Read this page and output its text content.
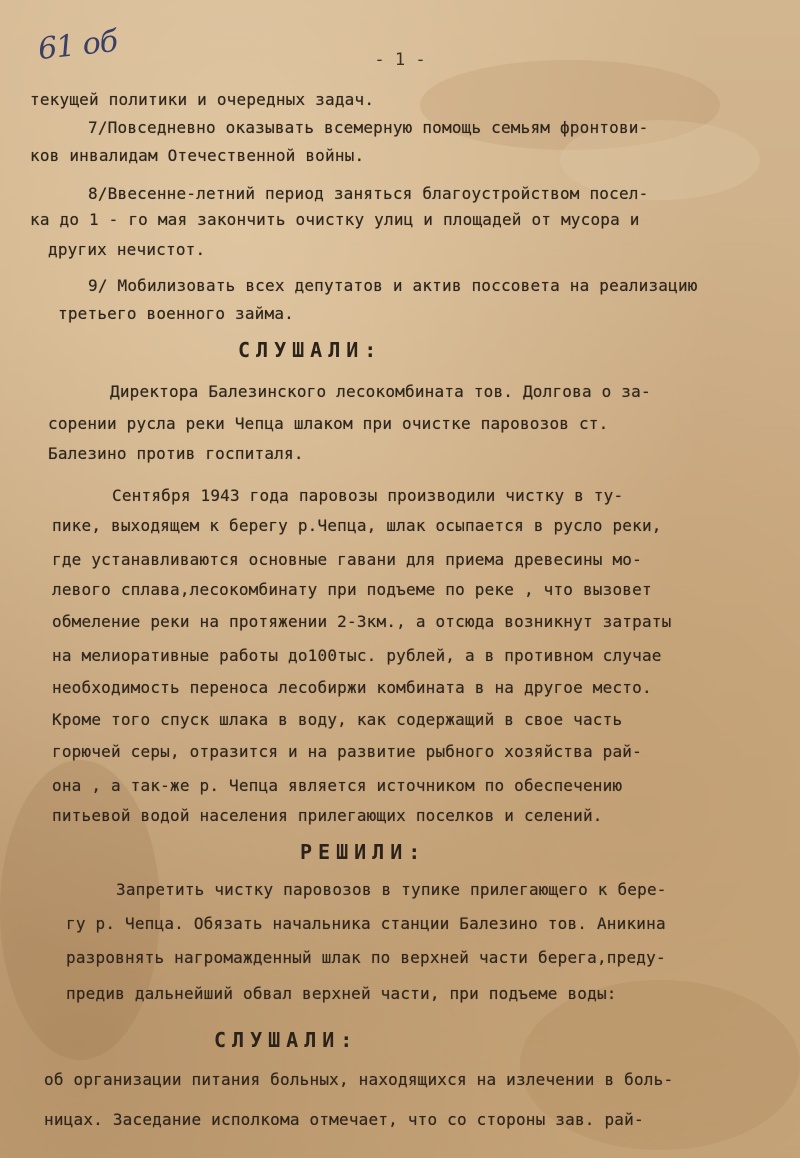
61 об	- 1 -
текущей политики и очередных задач.
7/Повседневно оказывать всемерную помощь семьям фронтови-
ков инвалидам Отечественной войны.
8/Ввесенне-летний период заняться благоустройством посел-
ка до 1 - го мая закончить очистку улиц и площадей от мусора и
других нечистот.
9/ Мобилизовать всех депутатов и актив поссовета на реализацию
третьего военного займа.
СЛУШАЛИ:
Директора Балезинского лесокомбината тов. Долгова о за-
сорении русла реки Чепца шлаком при очистке паровозов ст.
Балезино против госпиталя.
Сентября 1943 года паровозы производили чистку в ту-
пике, выходящем к берегу р.Чепца, шлак осыпается в русло реки,
где устанавливаются основные гавани для приема древесины мо-
левого сплава,лесокомбинату при подъеме по реке , что вызовет
обмеление реки на протяжении 2-3км., а отсюда возникнут затраты
на мелиоративные работы до100тыс. рублей, а в противном случае
необходимость переноса лесобиржи комбината в на другое место.
Кроме того спуск шлака в воду, как содержащий в свое часть
горючей серы, отразится и на развитие рыбного хозяйства рай-
она , а так-же р. Чепца является источником по обеспечению
питьевой водой населения прилегающих поселков и селений.
РЕШИЛИ:
Запретить чистку паровозов в тупике прилегающего к бере-
гу р. Чепца. Обязать начальника станции Балезино тов. Аникина
разровнять нагромажденный шлак по верхней части берега,преду-
предив дальнейший обвал верхней части, при подъеме воды:
СЛУШАЛИ:
об организации питания больных, находящихся на излечении в боль-
ницах. Заседание исполкома отмечает, что со стороны зав. рай-
